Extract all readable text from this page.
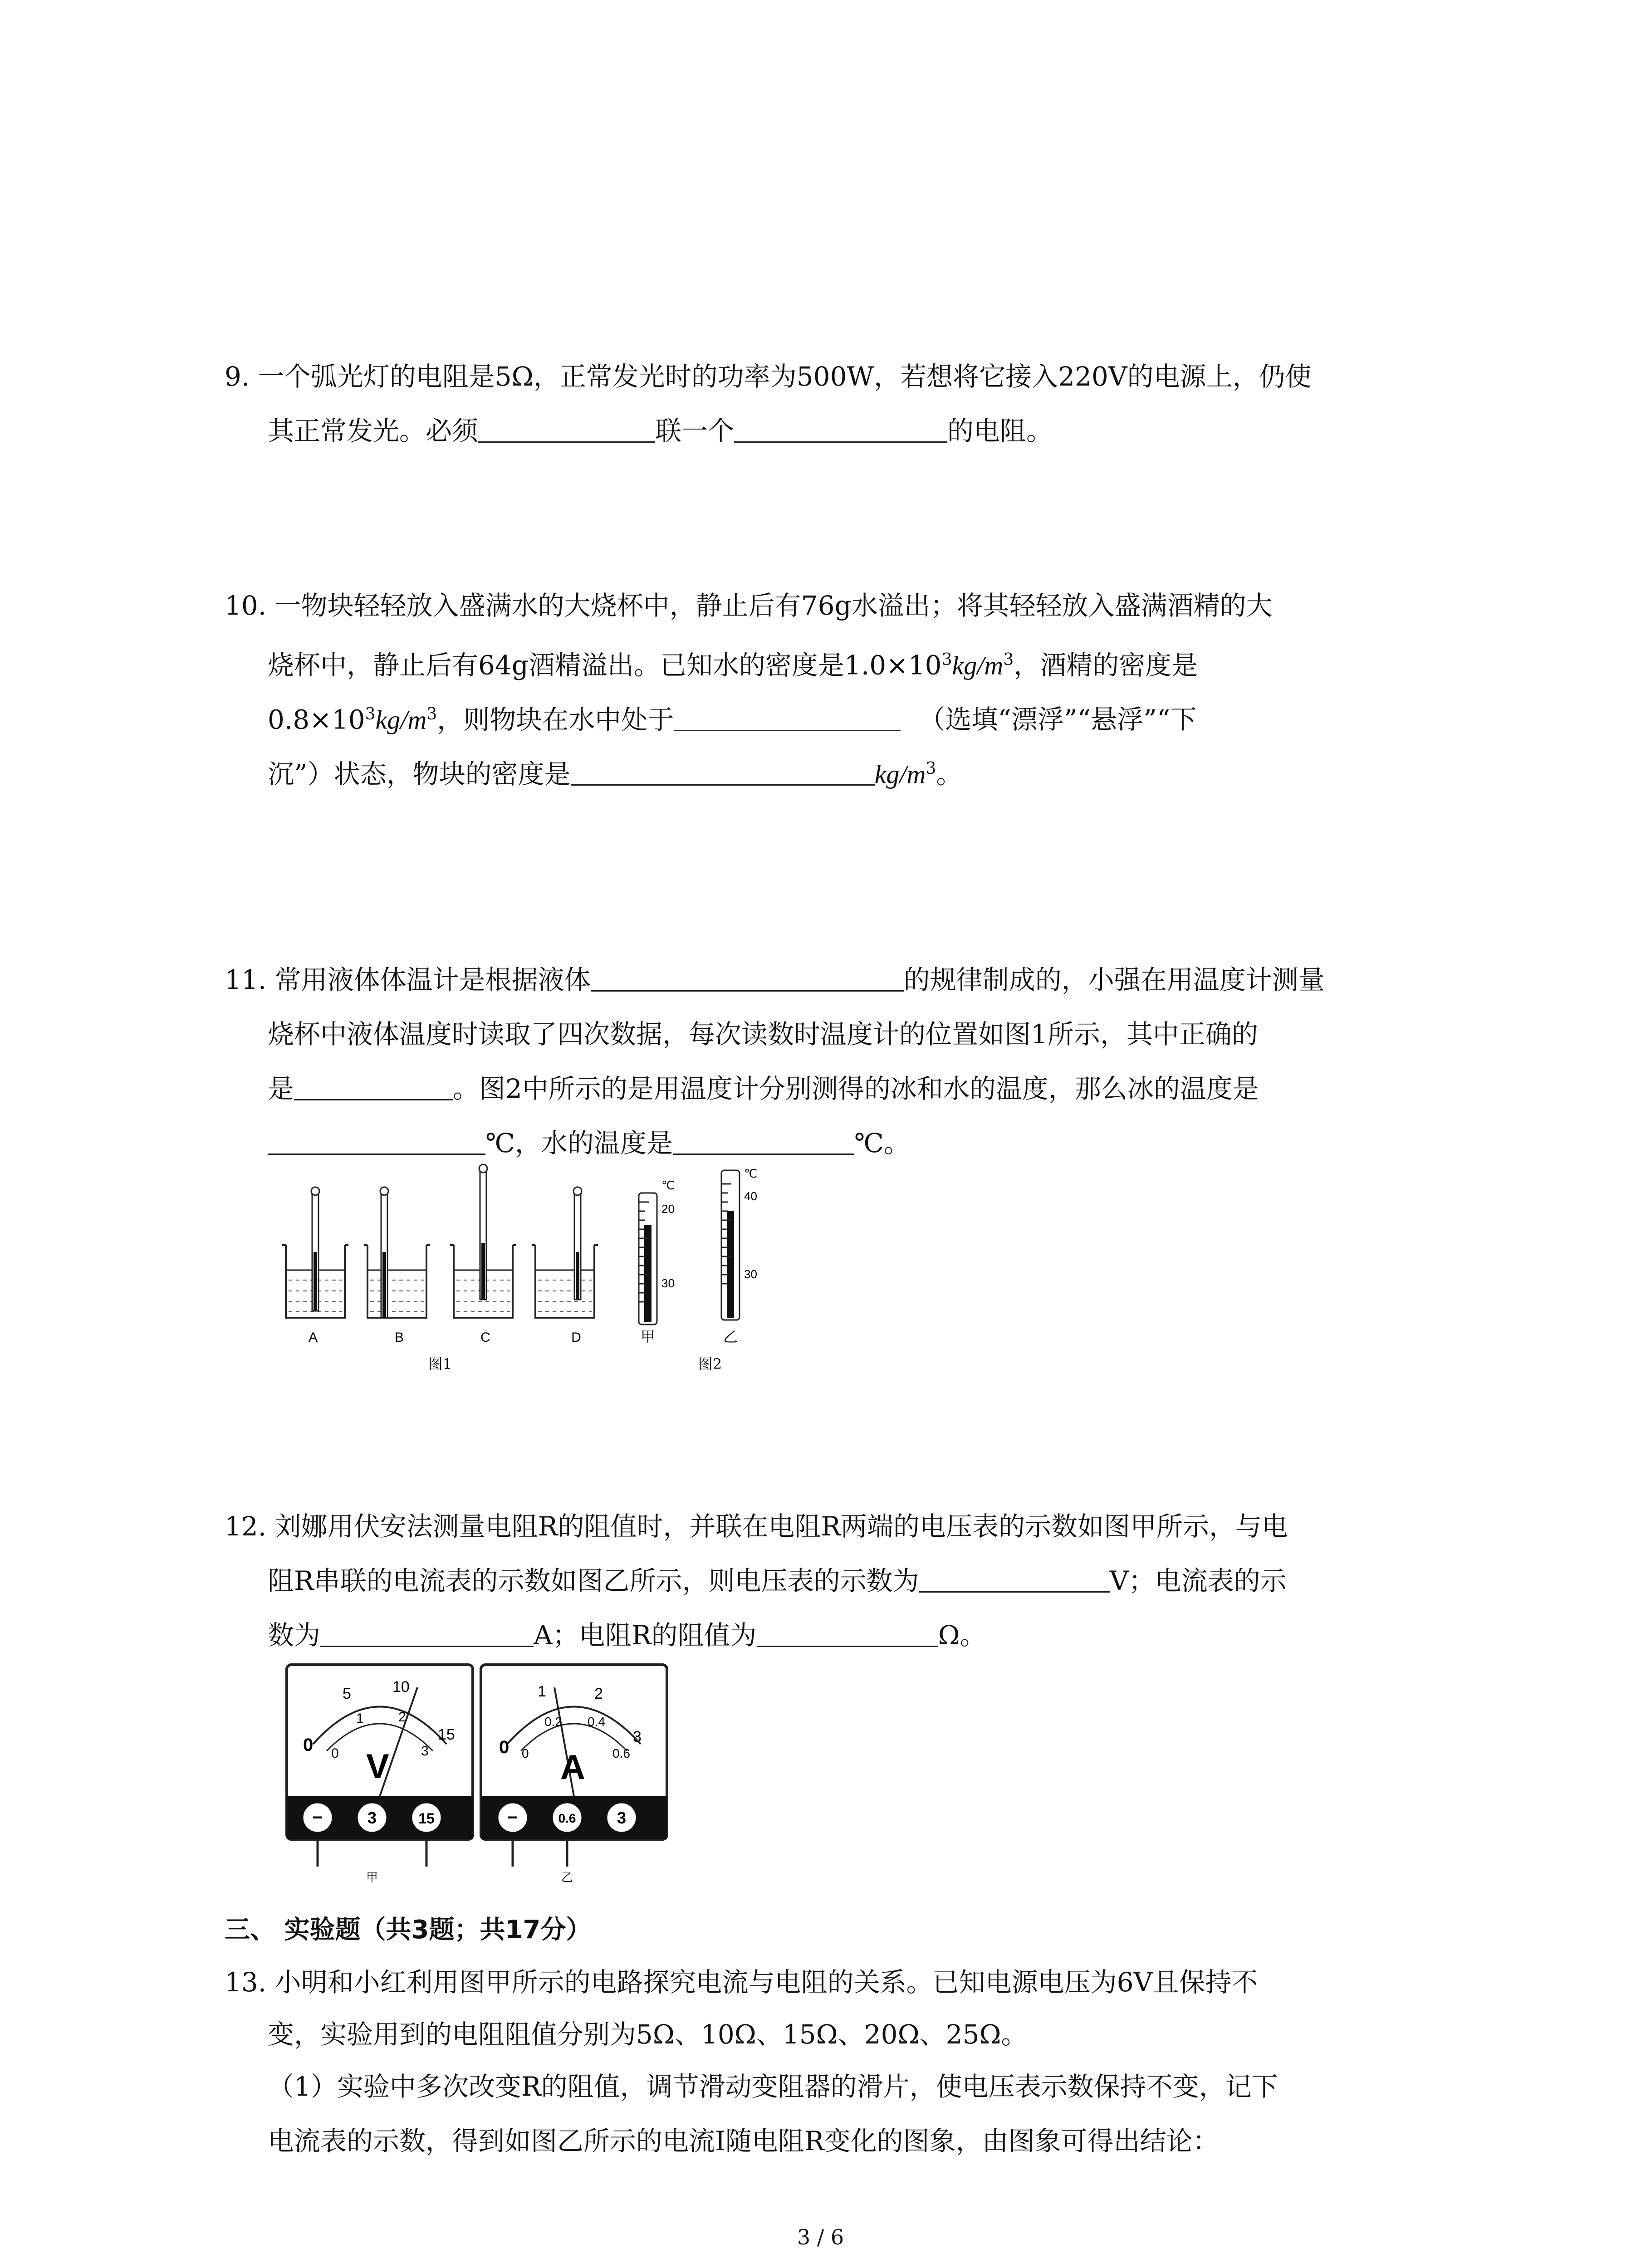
9. 一个弧光灯的电阻是5Ω，正常发光时的功率为500W，若想将它接入220V的电源上，仍使
其正常发光。必须	联一个	的电阻。
10. 一物块轻轻放入盛满水的大烧杯中，静止后有76g水溢出；将其轻轻放入盛满酒精的大
烧杯中，静止后有64g酒精溢出。已知水的密度是$1.0\times 10^3kg/m^3$，酒精的密度是
$0.8\times 10^3kg/m^3$，则物块在水中处于	（选填“漂浮”“悬浮”“下
沉”）状态，物块的密度是	$kg/m^3$。
11. 常用液体体温计是根据液体	的规律制成的，小强在用温度计测量
烧杯中液体温度时读取了四次数据，每次读数时温度计的位置如图1所示，其中正确的
是	。图2中所示的是用温度计分别测得的冰和水的温度，那么冰的温度是
℃，水的温度是	℃。
A	B	C	D
图1
℃
20
30
℃
40
30
甲	乙
图2
12. 刘娜用伏安法测量电阻R的阻值时，并联在电阻R两端的电压表的示数如图甲所示，与电
阻R串联的电流表的示数如图乙所示，则电压表的示数为	V；电流表的示
数为	A；电阻R的阻值为	Ω。
0
5	10
15
0
1	2
3
V
−	3	15
甲
0
1	2
3
0
0.2 0.4
0.6
A
−	0.6	3
乙
三、 实验题（共3题；共17分）
13. 小明和小红利用图甲所示的电路探究电流与电阻的关系。已知电源电压为6V且保持不
变，实验用到的电阻阻值分别为5Ω、10Ω、15Ω、20Ω、25Ω。
（1）实验中多次改变R的阻值，调节滑动变阻器的滑片，使电压表示数保持不变，记下
电流表的示数，得到如图乙所示的电流I随电阻R变化的图象，由图象可得出结论：
3 / 6
